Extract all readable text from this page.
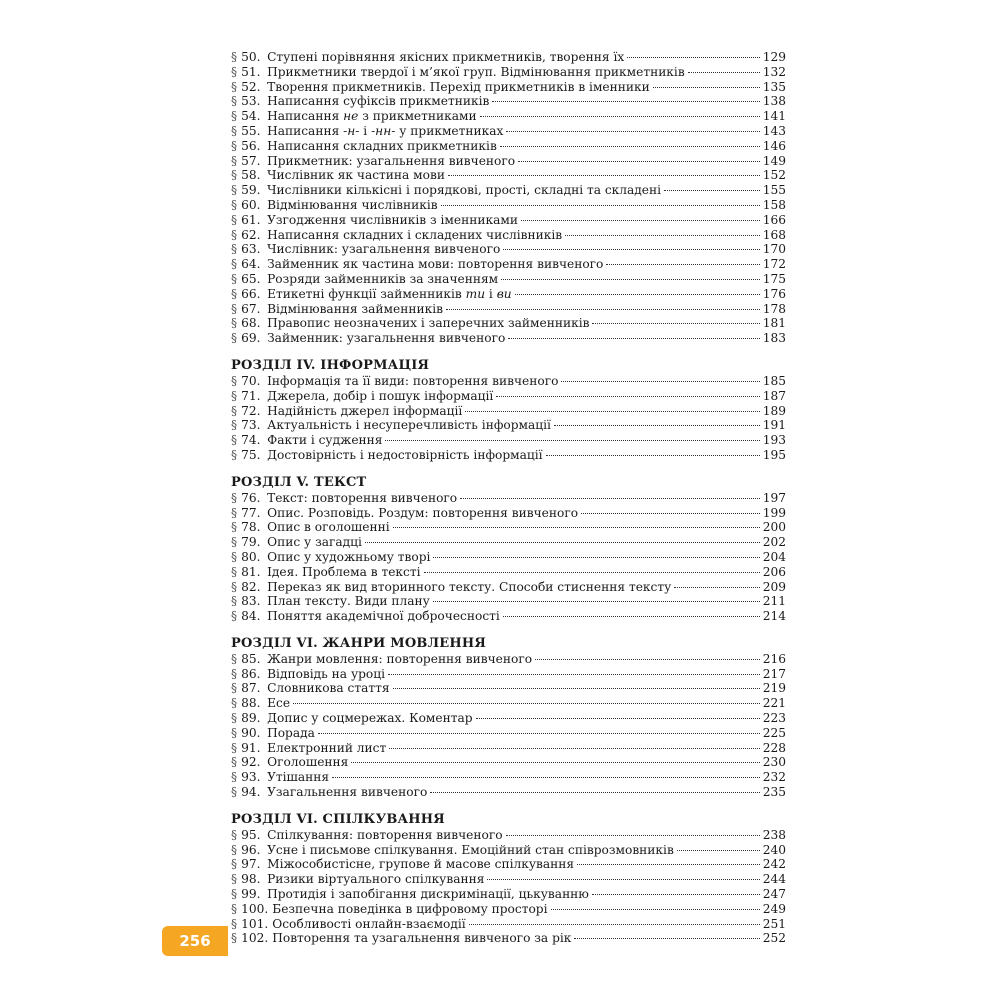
§ 50. Ступені порівняння якісних прикметників, творення їх	129
§ 51. Прикметники твердої і м’якої груп. Відмінювання прикметників	132
§ 52. Творення прикметників. Перехід прикметників в іменники	135
§ 53. Написання суфіксів прикметників	138
§ 54. Написання не з прикметниками	141
§ 55. Написання -н- і -нн- у прикметниках	143
§ 56. Написання складних прикметників	146
§ 57. Прикметник: узагальнення вивченого	149
§ 58. Числівник як частина мови	152
§ 59. Числівники кількісні і порядкові, прості, складні та складені	155
§ 60. Відмінювання числівників	158
§ 61. Узгодження числівників з іменниками	166
§ 62. Написання складних і складених числівників	168
§ 63. Числівник: узагальнення вивченого	170
§ 64. Займенник як частина мови: повторення вивченого	172
§ 65. Розряди займенників за значенням	175
§ 66. Етикетні функції займенників ти і ви	176
§ 67. Відмінювання займенників	178
§ 68. Правопис неозначених і заперечних займенників	181
§ 69. Займенник: узагальнення вивченого	183
РОЗДІЛ IV. ІНФОРМАЦІЯ
§ 70. Інформація та її види: повторення вивченого	185
§ 71. Джерела, добір і пошук інформації	187
§ 72. Надійність джерел інформації	189
§ 73. Актуальність і несуперечливість інформації	191
§ 74. Факти і судження	193
§ 75. Достовірність і недостовірність інформації	195
РОЗДІЛ V. ТЕКСТ
§ 76. Текст: повторення вивченого	197
§ 77. Опис. Розповідь. Роздум: повторення вивченого	199
§ 78. Опис в оголошенні	200
§ 79. Опис у загадці	202
§ 80. Опис у художньому творі	204
§ 81. Ідея. Проблема в тексті	206
§ 82. Переказ як вид вторинного тексту. Способи стиснення тексту	209
§ 83. План тексту. Види плану	211
§ 84. Поняття академічної доброчесності	214
РОЗДІЛ VI. ЖАНРИ МОВЛЕННЯ
§ 85. Жанри мовлення: повторення вивченого	216
§ 86. Відповідь на уроці	217
§ 87. Словникова стаття	219
§ 88. Есе	221
§ 89. Допис у соцмережах. Коментар	223
§ 90. Порада	225
§ 91. Електронний лист	228
§ 92. Оголошення	230
§ 93. Утішання	232
§ 94. Узагальнення вивченого	235
РОЗДІЛ VI. СПІЛКУВАННЯ
§ 95. Спілкування: повторення вивченого	238
§ 96. Усне і письмове спілкування. Емоційний стан співрозмовників	240
§ 97. Міжособистісне, групове й масове спілкування	242
§ 98. Ризики віртуального спілкування	244
§ 99. Протидія і запобігання дискримінації, цькуванню	247
§ 100. Безпечна поведінка в цифровому просторі	249
§ 101. Особливості онлайн-взаємодії	251
§ 102. Повторення та узагальнення вивченого за рік	252
256
